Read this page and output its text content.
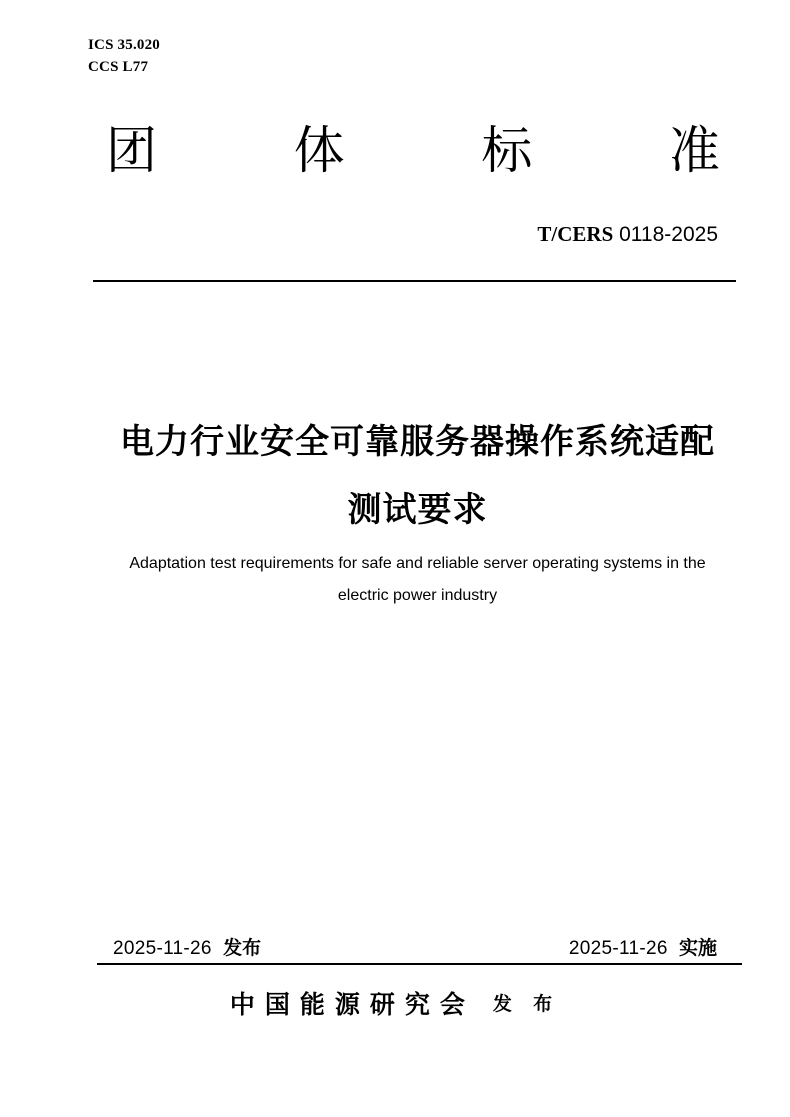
ICS 35.020
CCS L77
团	体	标	准
T/CERS 0118-2025
电力行业安全可靠服务器操作系统适配
测试要求
Adaptation test requirements for safe and reliable server operating systems in the
electric power industry
2025-11-26 发布	2025-11-26 实施
中国能源研究会 发 布
